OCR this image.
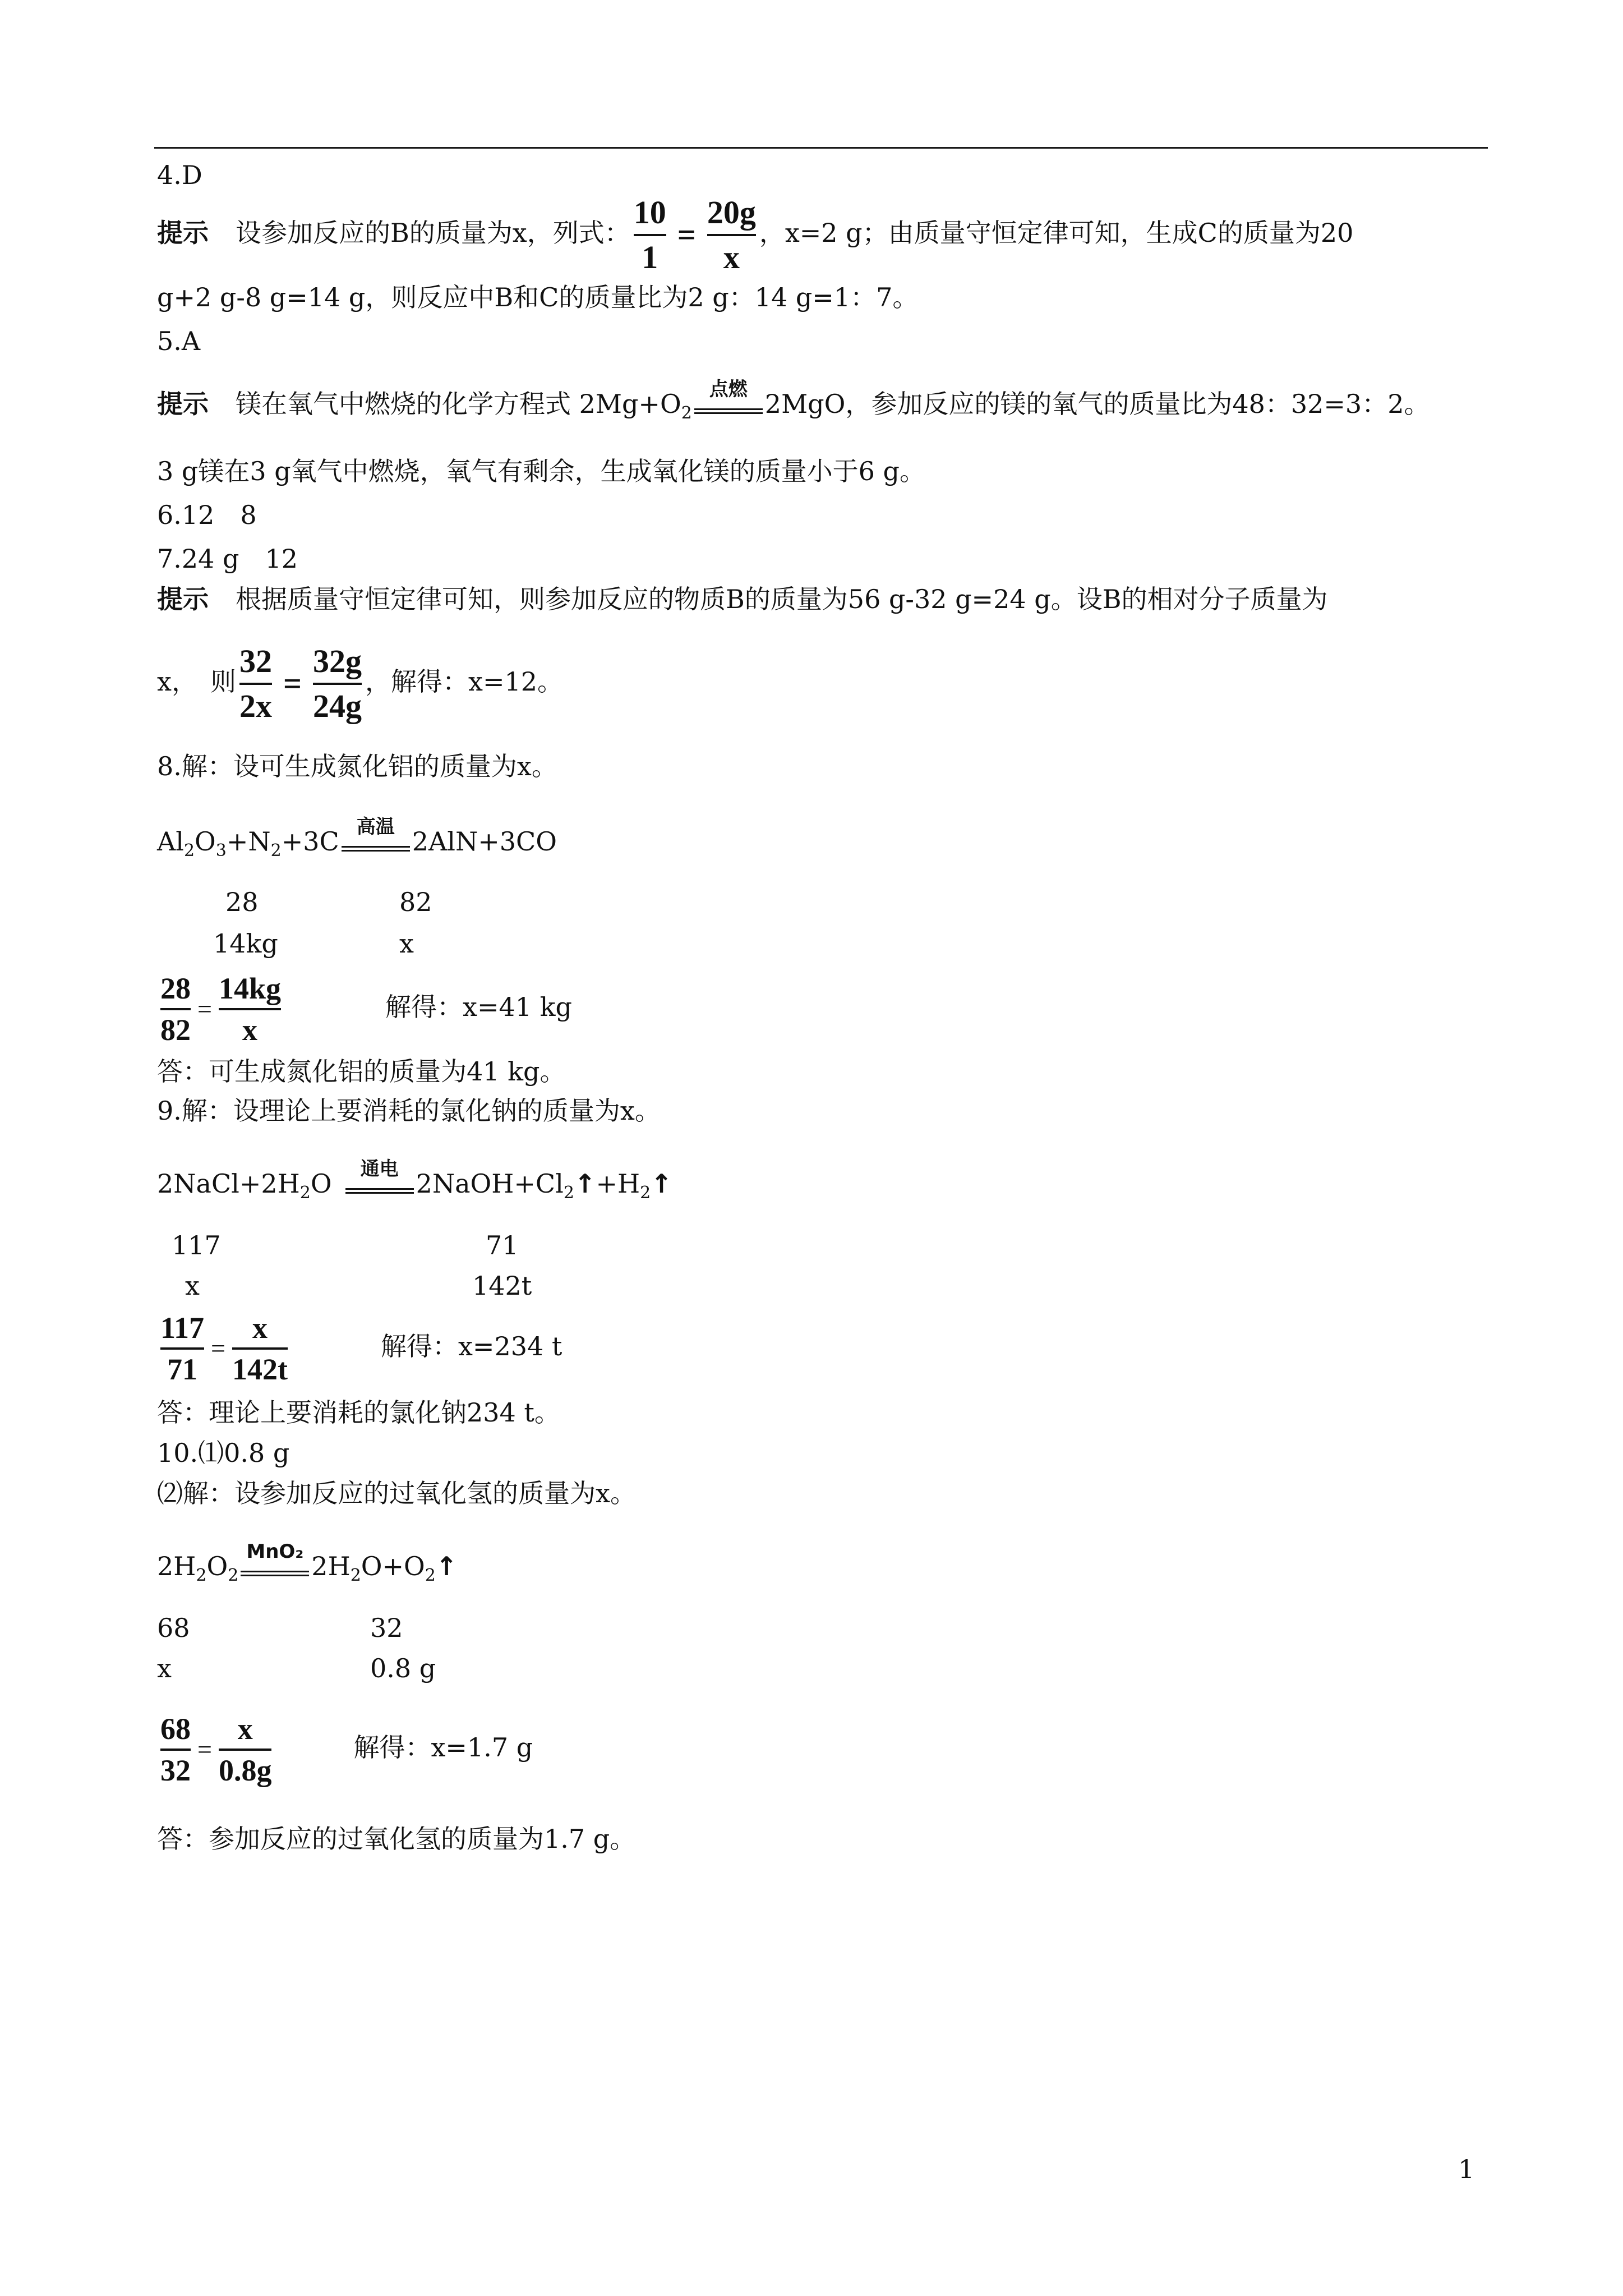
4.D
提示 设参加反应的B的质量为x，列式： $\frac{10}{1} = \frac{20g}{x}$ ，x=2 g；由质量守恒定律可知，生成C的质量为20
g+2 g-8 g=14 g，则反应中B和C的质量比为2 g：14 g=1：7。
5.A
提示 镁在氧气中燃烧的化学方程式 $2Mg+O_2$
点燃 2MgO，参加反应的镁的氧气的质量比为48：32=3：2。
3 g镁在3 g氧气中燃烧，氧气有剩余，生成氧化镁的质量小于6 g。
6.12　8
7.24 g　12
提示 根据质量守恒定律可知，则参加反应的物质B的质量为56 g-32 g=24 g。设B的相对分子质量为
x，　则 $\frac{32}{2x} = \frac{32g}{24g}$ ，解得：x=12。
8.解：设可生成氮化铝的质量为x。
$Al_2O_3+N_2+3C$ 高温 2AlN+3CO
28	82
14kg	x
$\frac{28}{82} = \frac{14kg}{x}$	解得：x=41 kg
答：可生成氮化铝的质量为41 kg。
9.解：设理论上要消耗的氯化钠的质量为x。
$2NaCl+2H_2O$	通电 $2NaOH+Cl_2↑+H_2↑$
117	71
x	142t
$\frac{117}{71} = \frac{x}{142t}$	解得：x=234 t
答：理论上要消耗的氯化钠234 t。
10.⑴0.8 g
⑵解：设参加反应的过氧化氢的质量为x。
$2H_2O_2$
MnO₂ $2H_2O+O_2↑$
68	32
x	0.8 g
$\frac{68}{32} = \frac{x}{0.8g}$	解得：x=1.7 g
答：参加反应的过氧化氢的质量为1.7 g。
1
